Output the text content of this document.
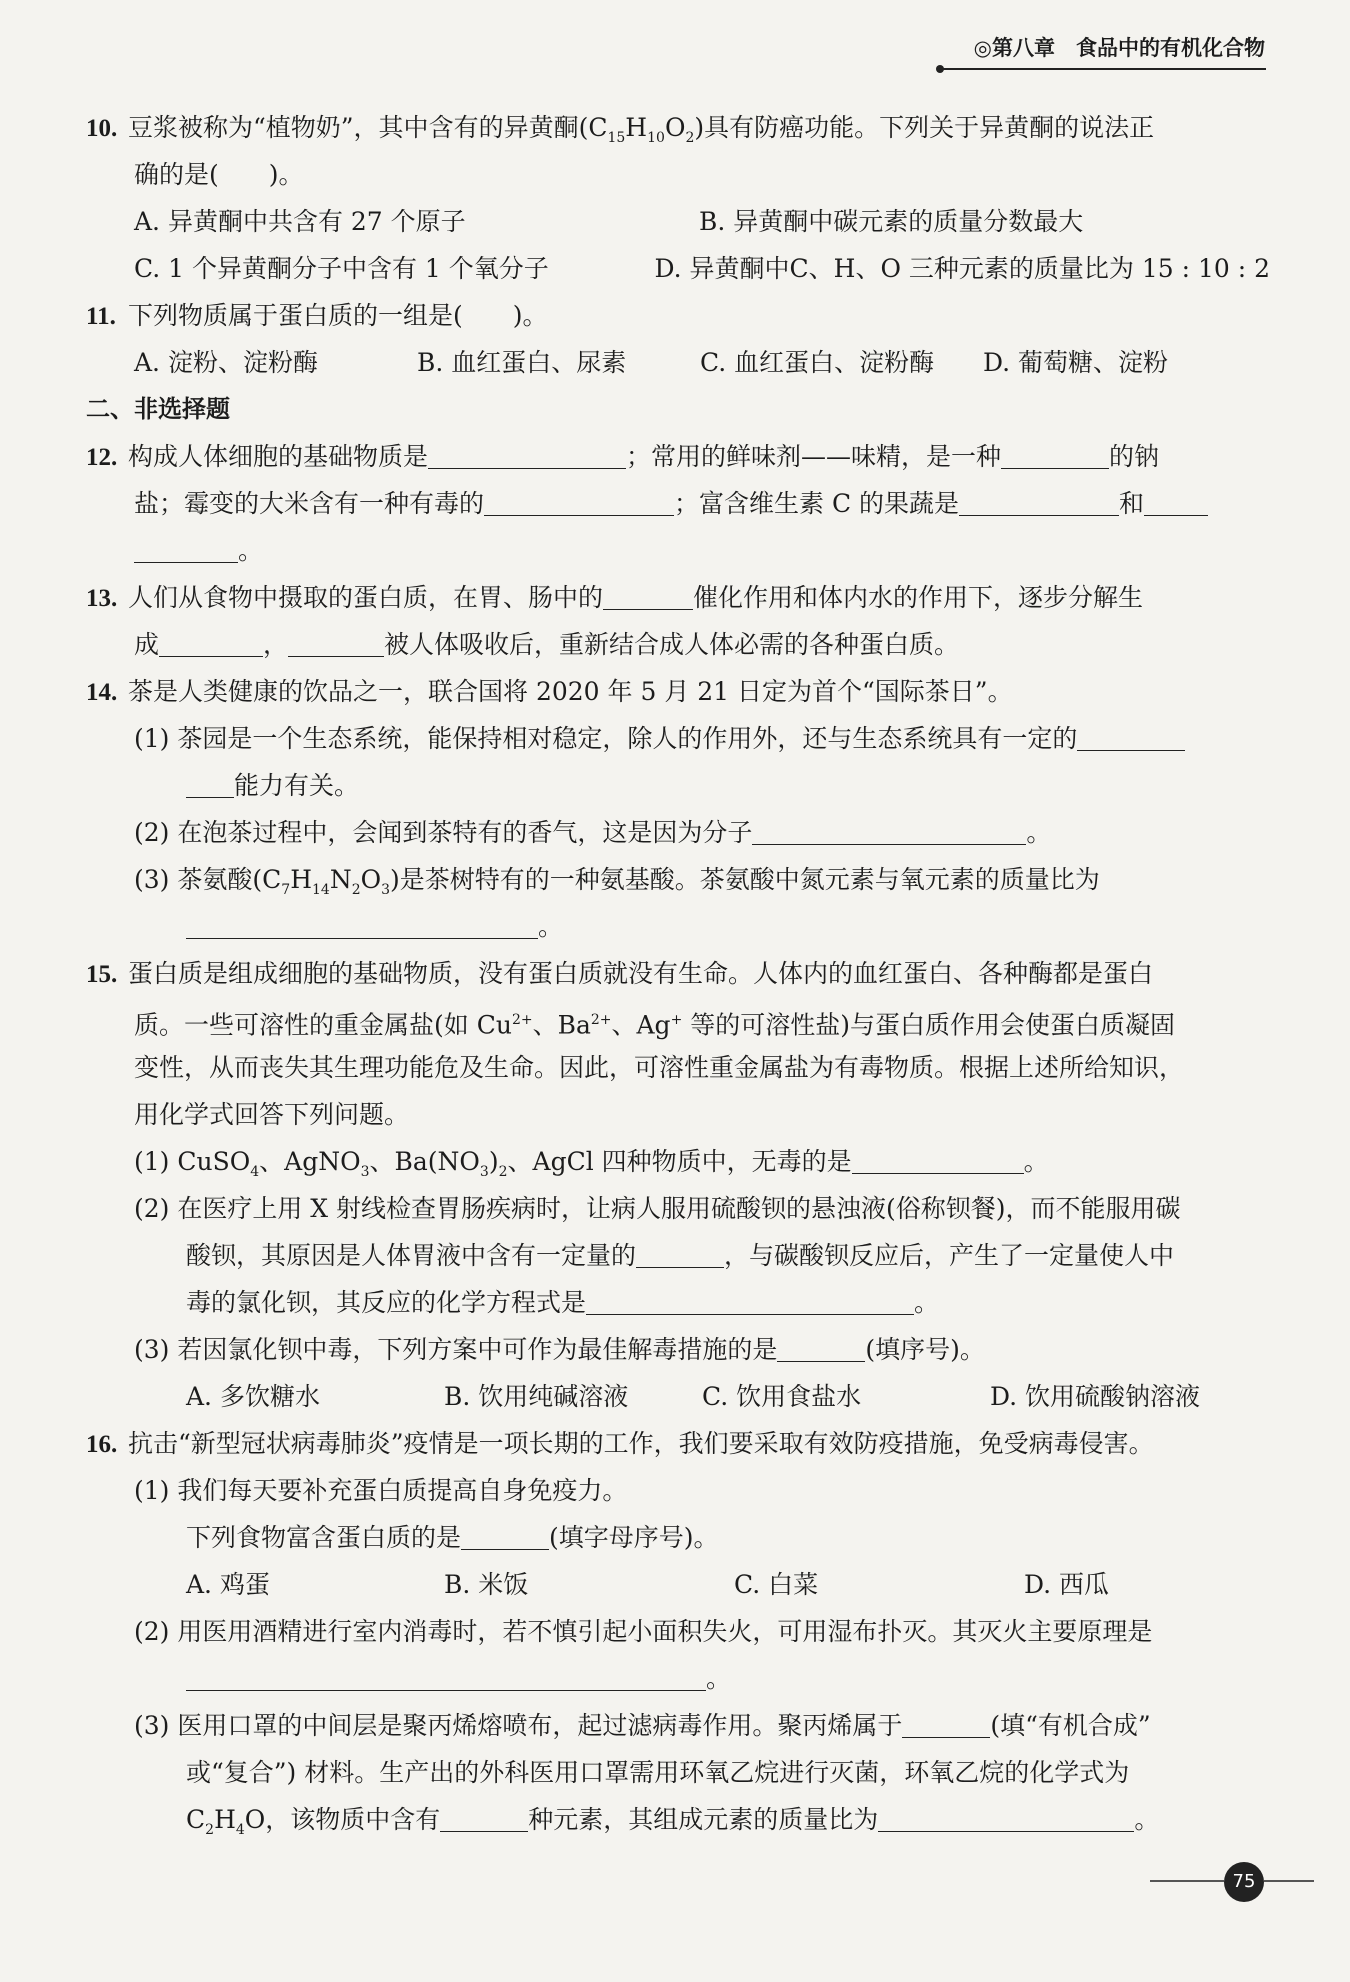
◎第八章　食品中的有机化合物
10. 豆浆被称为“植物奶”，其中含有的异黄酮$(C_{15}H_{10}O_2)$具有防癌功能。下列关于异黄酮的说法正
确的是(　　)。
A. 异黄酮中共含有 27 个原子	B. 异黄酮中碳元素的质量分数最大
C. 1 个异黄酮分子中含有 1 个氧分子	D. 异黄酮中C、H、O 三种元素的质量比为 15 : 10 : 2
11. 下列物质属于蛋白质的一组是(　　)。
A. 淀粉、淀粉酶	B. 血红蛋白、尿素	C. 血红蛋白、淀粉酶	D. 葡萄糖、淀粉
二、非选择题
12. 构成人体细胞的基础物质是	；常用的鲜味剂——味精，是一种	的钠
盐；霉变的大米含有一种有毒的	；富含维生素 C 的果蔬是	和
。
13. 人们从食物中摄取的蛋白质，在胃、肠中的	催化作用和体内水的作用下，逐步分解生
成	，	被人体吸收后，重新结合成人体必需的各种蛋白质。
14. 茶是人类健康的饮品之一，联合国将 2020 年 5 月 21 日定为首个“国际茶日”。
(1) 茶园是一个生态系统，能保持相对稳定，除人的作用外，还与生态系统具有一定的
能力有关。
(2) 在泡茶过程中，会闻到茶特有的香气，这是因为分子	。
(3) 茶氨酸$(C_7H_{14}N_2O_3)$是茶树特有的一种氨基酸。茶氨酸中氮元素与氧元素的质量比为
。
15. 蛋白质是组成细胞的基础物质，没有蛋白质就没有生命。人体内的血红蛋白、各种酶都是蛋白
质。一些可溶性的重金属盐(如 $Cu^{2+}$、$Ba^{2+}$、Ag+ 等的可溶性盐)与蛋白质作用会使蛋白质凝固
变性，从而丧失其生理功能危及生命。因此，可溶性重金属盐为有毒物质。根据上述所给知识，
用化学式回答下列问题。
(1) CuSO$_4$、AgNO$_3$、$Ba(NO_3)_2$、AgCl 四种物质中，无毒的是	。
(2) 在医疗上用 X 射线检查胃肠疾病时，让病人服用硫酸钡的悬浊液(俗称钡餐)，而不能服用碳
酸钡，其原因是人体胃液中含有一定量的	，与碳酸钡反应后，产生了一定量使人中
毒的氯化钡，其反应的化学方程式是	。
(3) 若因氯化钡中毒，下列方案中可作为最佳解毒措施的是	(填序号)。
A. 多饮糖水	B. 饮用纯碱溶液	C. 饮用食盐水	D. 饮用硫酸钠溶液
16. 抗击“新型冠状病毒肺炎”疫情是一项长期的工作，我们要采取有效防疫措施，免受病毒侵害。
(1) 我们每天要补充蛋白质提高自身免疫力。
下列食物富含蛋白质的是	(填字母序号)。
A. 鸡蛋	B. 米饭	C. 白菜	D. 西瓜
(2) 用医用酒精进行室内消毒时，若不慎引起小面积失火，可用湿布扑灭。其灭火主要原理是
。
(3) 医用口罩的中间层是聚丙烯熔喷布，起过滤病毒作用。聚丙烯属于	(填“有机合成”
或“复合”) 材料。生产出的外科医用口罩需用环氧乙烷进行灭菌，环氧乙烷的化学式为
$C_2H_4O$，该物质中含有	种元素，其组成元素的质量比为	。
75
